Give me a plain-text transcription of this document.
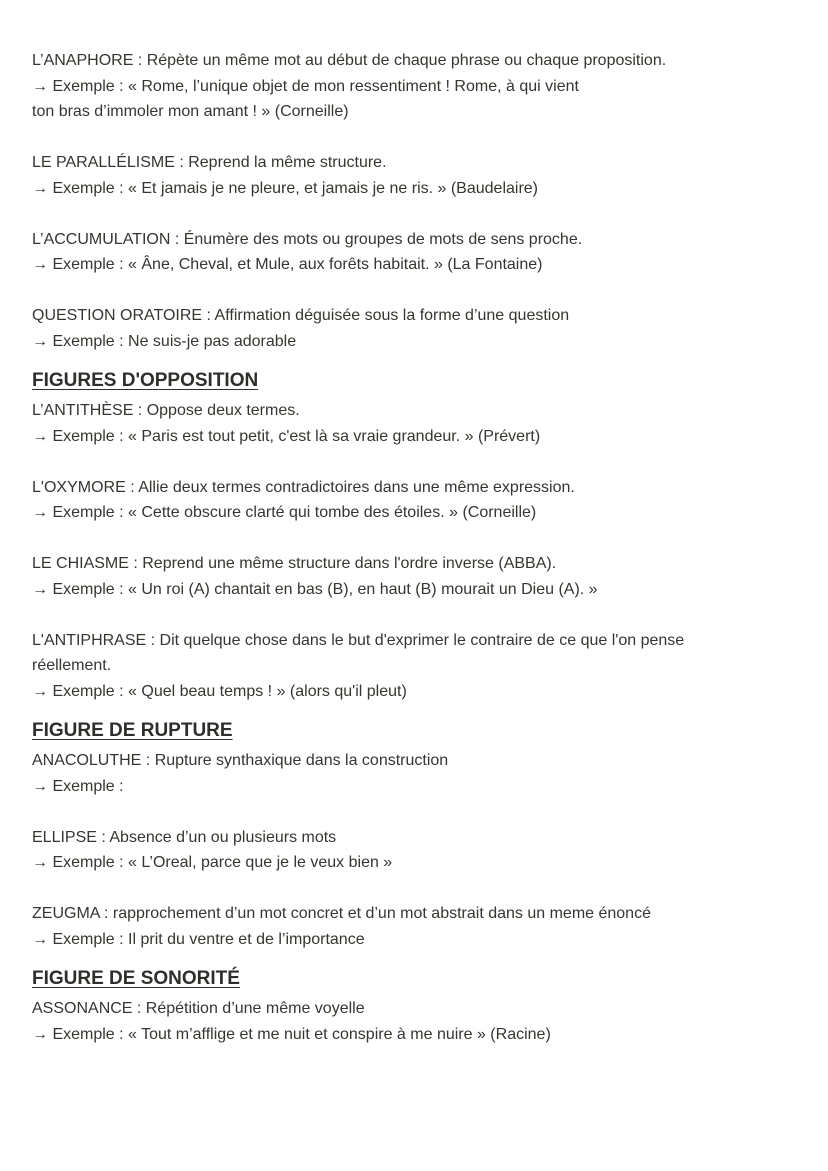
L’ANAPHORE : Répète un même mot au début de chaque phrase ou chaque proposition.

→ Exemple : « Rome, l’unique objet de mon ressentiment ! Rome, à qui vient

ton bras d’immoler mon amant ! » (Corneille)

LE PARALLÉLISME : Reprend la même structure.

→ Exemple : « Et jamais je ne pleure, et jamais je ne ris. » (Baudelaire)

L’ACCUMULATION : Énumère des mots ou groupes de mots de sens proche.

→ Exemple : « Âne, Cheval, et Mule, aux forêts habitait. » (La Fontaine)

QUESTION ORATOIRE : Affirmation déguisée sous la forme d’une question

→ Exemple : Ne suis-je pas adorable

FIGURES D'OPPOSITION

L’ANTITHÈSE : Oppose deux termes.

→ Exemple : « Paris est tout petit, c'est là sa vraie grandeur. » (Prévert)

L'OXYMORE : Allie deux termes contradictoires dans une même expression.

→ Exemple : « Cette obscure clarté qui tombe des étoiles. » (Corneille)

LE CHIASME : Reprend une même structure dans l'ordre inverse (ABBA).

→ Exemple : « Un roi (A) chantait en bas (B), en haut (B) mourait un Dieu (A). »

L'ANTIPHRASE : Dit quelque chose dans le but d'exprimer le contraire de ce que l'on pense

réellement.

→ Exemple : « Quel beau temps ! » (alors qu'il pleut)

FIGURE DE RUPTURE

ANACOLUTHE : Rupture synthaxique dans la construction

→ Exemple :

ELLIPSE : Absence d’un ou plusieurs mots

→ Exemple : « L’Oreal, parce que je le veux bien »

ZEUGMA : rapprochement d’un mot concret et d’un mot abstrait dans un meme énoncé

→ Exemple : Il prit du ventre et de l’importance

FIGURE DE SONORITÉ

ASSONANCE : Répétition d’une même voyelle

→ Exemple : « Tout m’afflige et me nuit et conspire à me nuire » (Racine)
